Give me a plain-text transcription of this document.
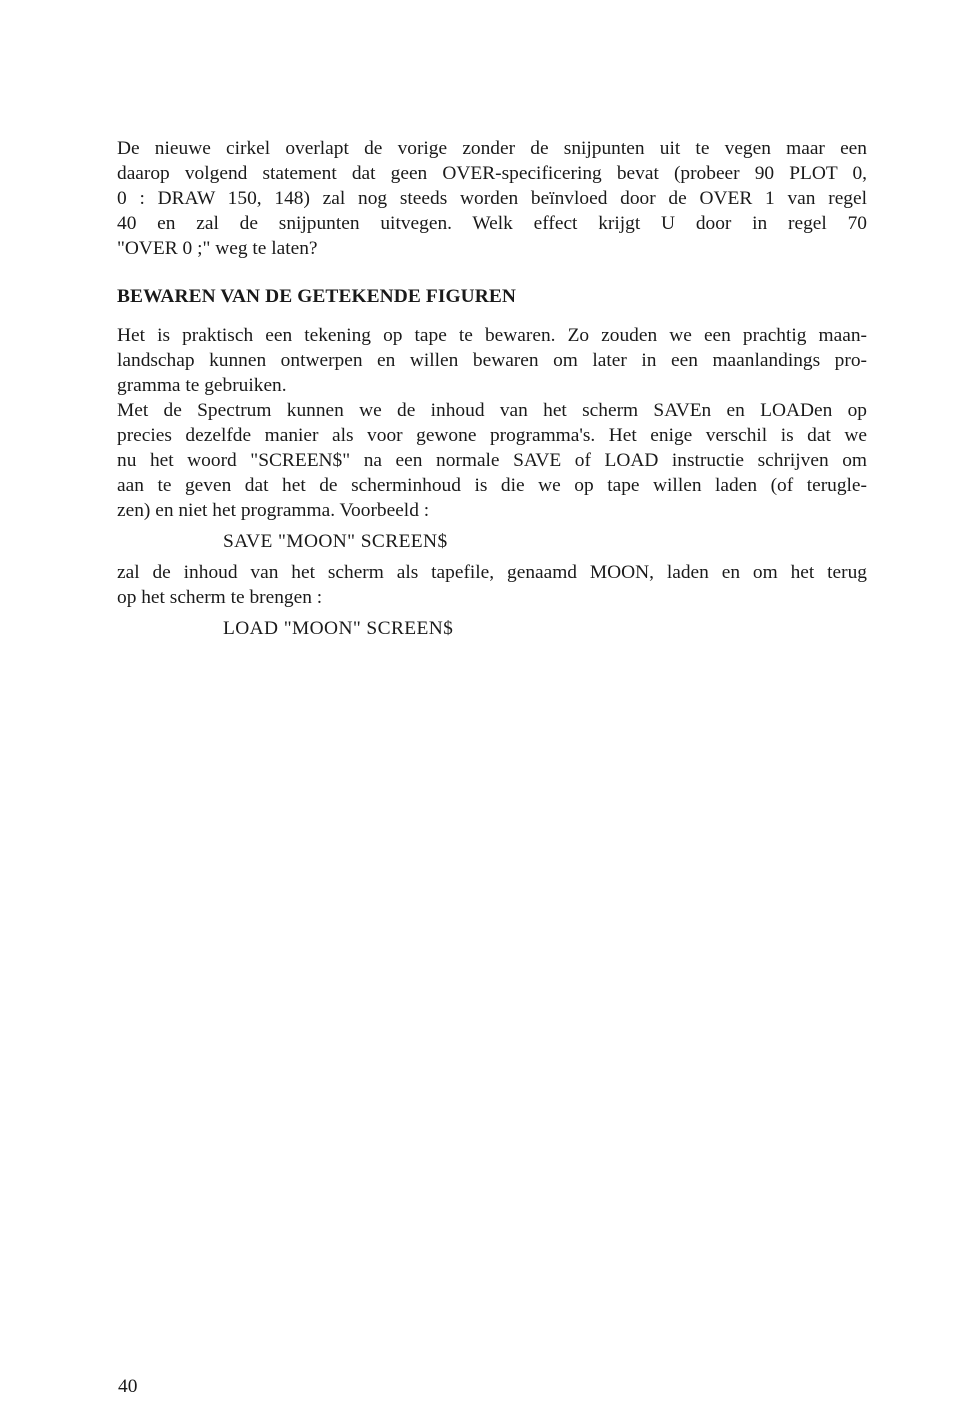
De nieuwe cirkel overlapt de vorige zonder de snijpunten uit te vegen maar een
daarop volgend statement dat geen OVER-specificering bevat (probeer 90 PLOT 0,
0 : DRAW 150, 148) zal nog steeds worden beïnvloed door de OVER 1 van regel
40 en zal de snijpunten uitvegen. Welk effect krijgt U door in regel 70
"OVER 0 ;" weg te laten?

BEWAREN VAN DE GETEKENDE FIGUREN

Het is praktisch een tekening op tape te bewaren. Zo zouden we een prachtig maan-
landschap kunnen ontwerpen en willen bewaren om later in een maanlandings pro-
gramma te gebruiken.

Met de Spectrum kunnen we de inhoud van het scherm SAVEn en LOADen op
precies dezelfde manier als voor gewone programma's. Het enige verschil is dat we
nu het woord "SCREEN$" na een normale SAVE of LOAD instructie schrijven om
aan te geven dat het de scherminhoud is die we op tape willen laden (of terugle-
zen) en niet het programma. Voorbeeld :

SAVE "MOON" SCREEN$

zal de inhoud van het scherm als tapefile, genaamd MOON, laden en om het terug
op het scherm te brengen :

LOAD "MOON" SCREEN$
40
